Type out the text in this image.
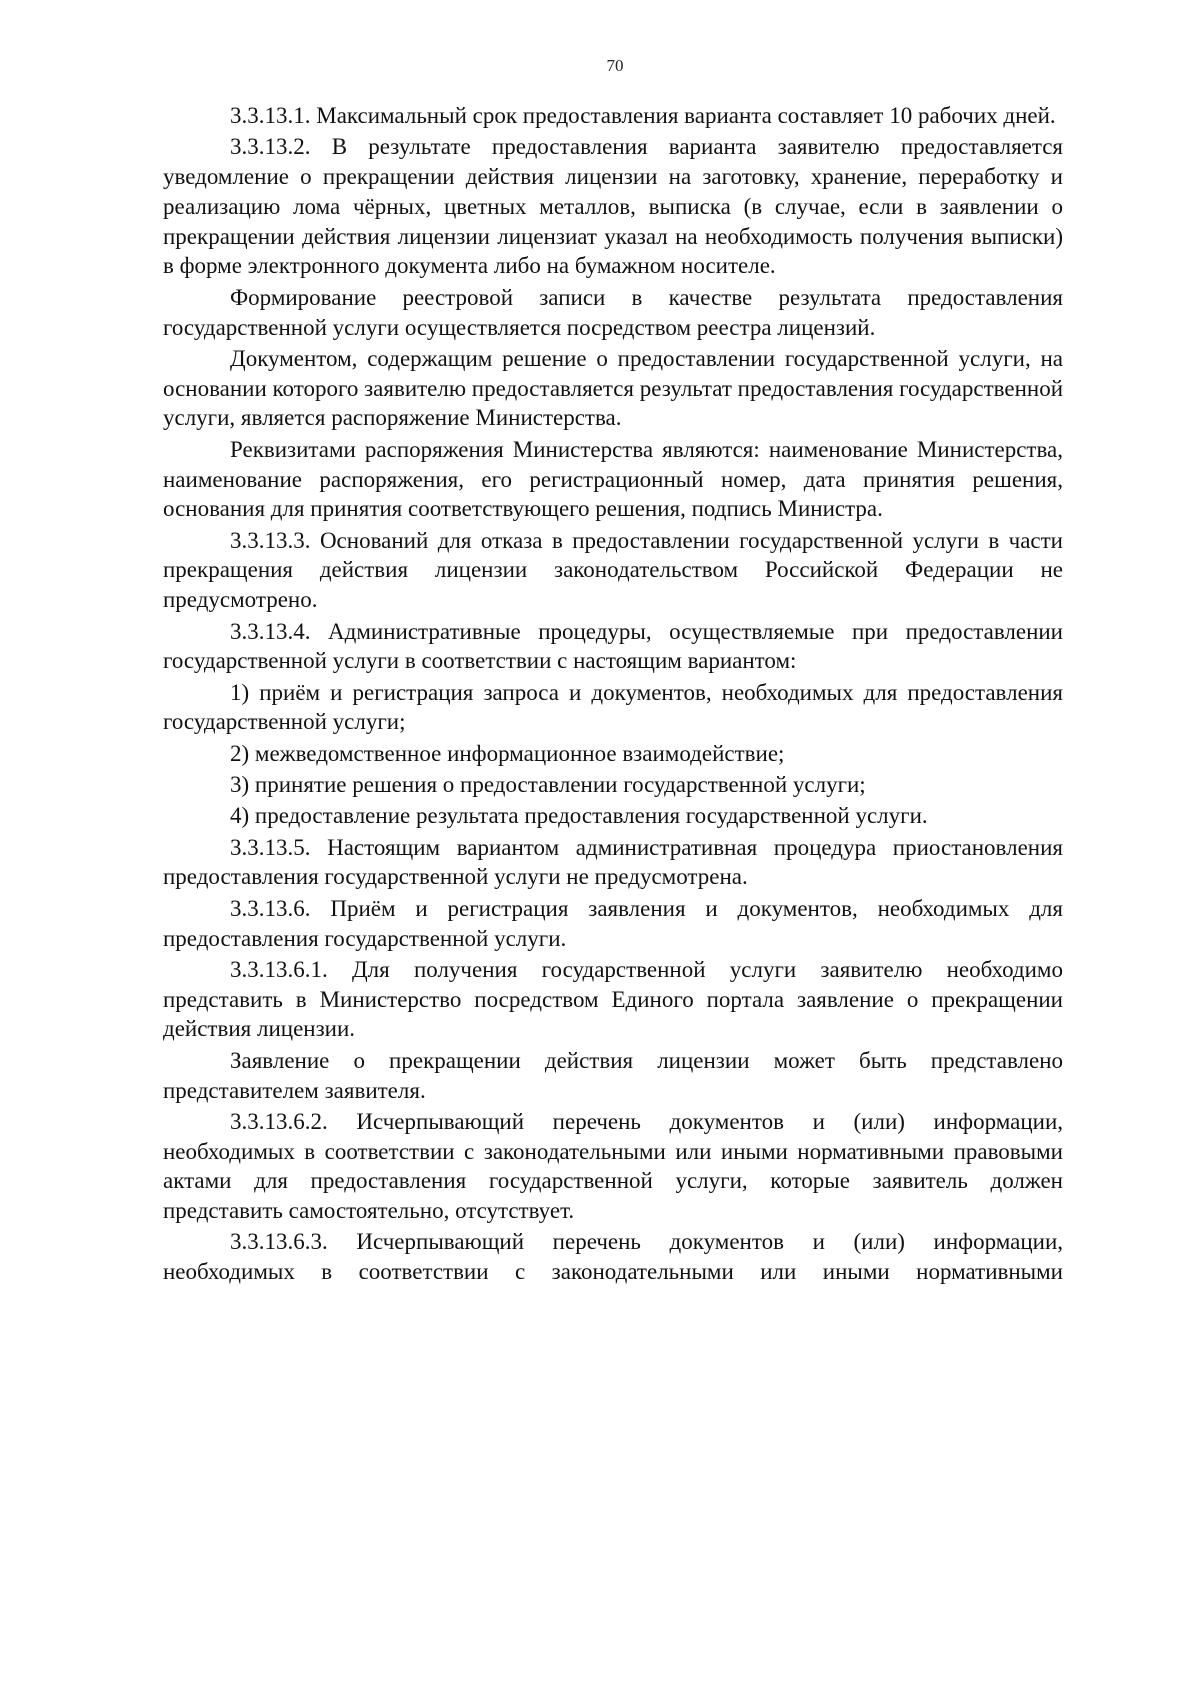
70

3.3.13.1. Максимальный срок предоставления варианта составляет 10 рабочих дней.

3.3.13.2. В результате предоставления варианта заявителю предоставляется уведомление о прекращении действия лицензии на заготовку, хранение, переработку и реализацию лома чёрных, цветных металлов, выписка (в случае, если в заявлении о прекращении действия лицензии лицензиат указал на необходимость получения выписки) в форме электронного документа либо на бумажном носителе.

Формирование реестровой записи в качестве результата предоставления государственной услуги осуществляется посредством реестра лицензий.

Документом, содержащим решение о предоставлении государственной услуги, на основании которого заявителю предоставляется результат предоставления государственной услуги, является распоряжение Министерства.

Реквизитами распоряжения Министерства являются: наименование Министерства, наименование распоряжения, его регистрационный номер, дата принятия решения, основания для принятия соответствующего решения, подпись Министра.

3.3.13.3. Оснований для отказа в предоставлении государственной услуги в части прекращения действия лицензии законодательством Российской Федерации не предусмотрено.

3.3.13.4. Административные процедуры, осуществляемые при предоставлении государственной услуги в соответствии с настоящим вариантом:

1) приём и регистрация запроса и документов, необходимых для предоставления государственной услуги;

2) межведомственное информационное взаимодействие;

3) принятие решения о предоставлении государственной услуги;

4) предоставление результата предоставления государственной услуги.

3.3.13.5. Настоящим вариантом административная процедура приостановления предоставления государственной услуги не предусмотрена.

3.3.13.6. Приём и регистрация заявления и документов, необходимых для предоставления государственной услуги.

3.3.13.6.1. Для получения государственной услуги заявителю необходимо представить в Министерство посредством Единого портала заявление о прекращении действия лицензии.

Заявление о прекращении действия лицензии может быть представлено представителем заявителя.

3.3.13.6.2. Исчерпывающий перечень документов и (или) информации, необходимых в соответствии с законодательными или иными нормативными правовыми актами для предоставления государственной услуги, которые заявитель должен представить самостоятельно, отсутствует.

3.3.13.6.3. Исчерпывающий перечень документов и (или) информации, необходимых в соответствии с законодательными или иными нормативными
